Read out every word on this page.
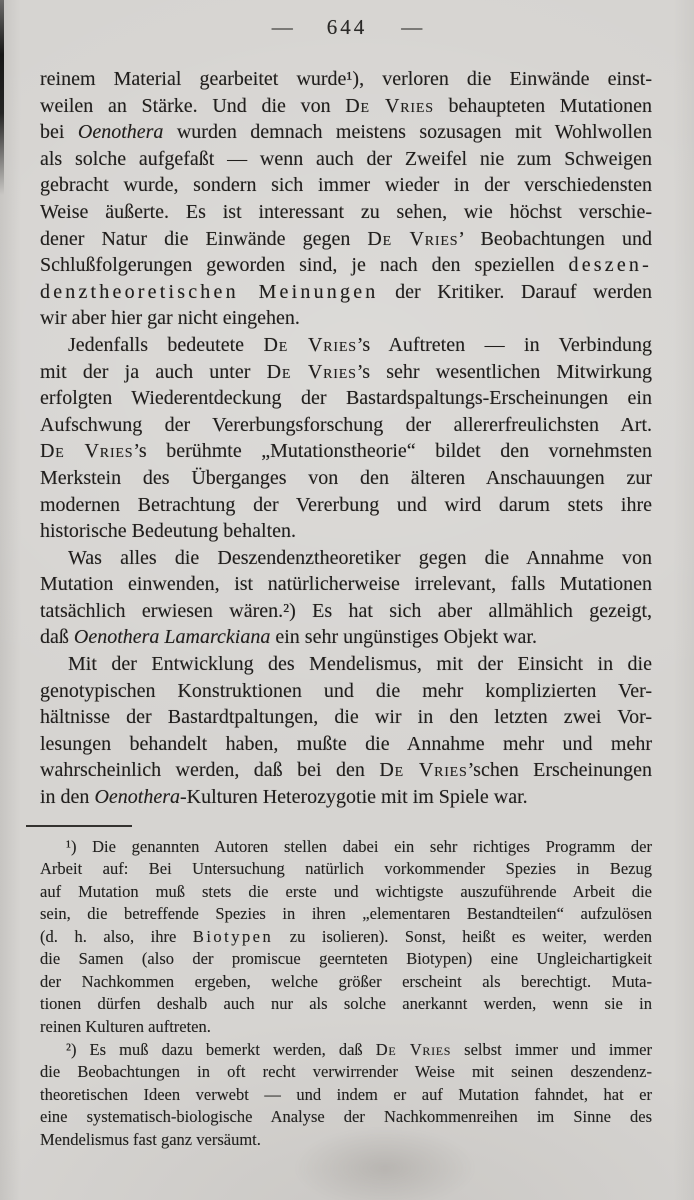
— 644 —
reinem Material gearbeitet wurde¹), verloren die Einwände einst-
weilen an Stärke. Und die von De Vries behaupteten Mutationen
bei Oenothera wurden demnach meistens sozusagen mit Wohlwollen
als solche aufgefaßt — wenn auch der Zweifel nie zum Schweigen
gebracht wurde, sondern sich immer wieder in der verschiedensten
Weise äußerte. Es ist interessant zu sehen, wie höchst verschie-
dener Natur die Einwände gegen De Vries’ Beobachtungen und
Schlußfolgerungen geworden sind, je nach den speziellen deszen-
denztheoretischen Meinungen der Kritiker. Darauf werden
wir aber hier gar nicht eingehen.
Jedenfalls bedeutete De Vries’s Auftreten — in Verbindung
mit der ja auch unter De Vries’s sehr wesentlichen Mitwirkung
erfolgten Wiederentdeckung der Bastardspaltungs-Erscheinungen ein
Aufschwung der Vererbungsforschung der allererfreulichsten Art.
De Vries’s berühmte „Mutationstheorie“ bildet den vornehmsten
Merkstein des Überganges von den älteren Anschauungen zur
modernen Betrachtung der Vererbung und wird darum stets ihre
historische Bedeutung behalten.
Was alles die Deszendenztheoretiker gegen die Annahme von
Mutation einwenden, ist natürlicherweise irrelevant, falls Mutationen
tatsächlich erwiesen wären.²) Es hat sich aber allmählich gezeigt,
daß Oenothera Lamarckiana ein sehr ungünstiges Objekt war.
Mit der Entwicklung des Mendelismus, mit der Einsicht in die
genotypischen Konstruktionen und die mehr komplizierten Ver-
hältnisse der Bastardtpaltungen, die wir in den letzten zwei Vor-
lesungen behandelt haben, mußte die Annahme mehr und mehr
wahrscheinlich werden, daß bei den De Vries’schen Erscheinungen
in den Oenothera-Kulturen Heterozygotie mit im Spiele war.
¹) Die genannten Autoren stellen dabei ein sehr richtiges Programm der
Arbeit auf: Bei Untersuchung natürlich vorkommender Spezies in Bezug
auf Mutation muß stets die erste und wichtigste auszuführende Arbeit die
sein, die betreffende Spezies in ihren „elementaren Bestandteilen“ aufzulösen
(d. h. also, ihre Biotypen zu isolieren). Sonst, heißt es weiter, werden
die Samen (also der promiscue geernteten Biotypen) eine Ungleichartigkeit
der Nachkommen ergeben, welche größer erscheint als berechtigt. Muta-
tionen dürfen deshalb auch nur als solche anerkannt werden, wenn sie in
reinen Kulturen auftreten.
²) Es muß dazu bemerkt werden, daß De Vries selbst immer und immer
die Beobachtungen in oft recht verwirrender Weise mit seinen deszendenz-
theoretischen Ideen verwebt — und indem er auf Mutation fahndet, hat er
eine systematisch-biologische Analyse der Nachkommenreihen im Sinne des
Mendelismus fast ganz versäumt.
